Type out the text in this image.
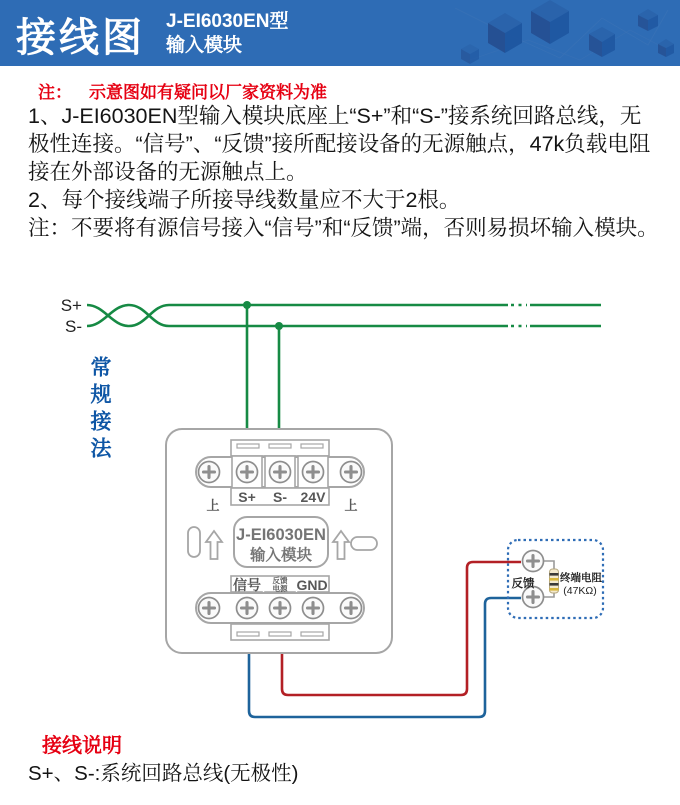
接线图 J-EI6030EN型
输入模块
注： 示意图如有疑问以厂家资料为准

1、J-EI6030EN型输入模块底座上“S+”和“S-”接系统回路总线，无极性连接。“信号”、“反馈”接所配接设备的无源触点，47k负载电阻接在外部设备的无源触点上。

2、每个接线端子所接导线数量应不大于2根。

注：不要将有源信号接入“信号”和“反馈”端，否则易损坏输入模块。

常规接法
S+
S-
上
S+ S- 24V
上
信号 反馈
电源 GND
J-EI6030EN
输入模块
反馈 终端电阻
(47KΩ)
接线说明
S+、S-:系统回路总线(无极性)
